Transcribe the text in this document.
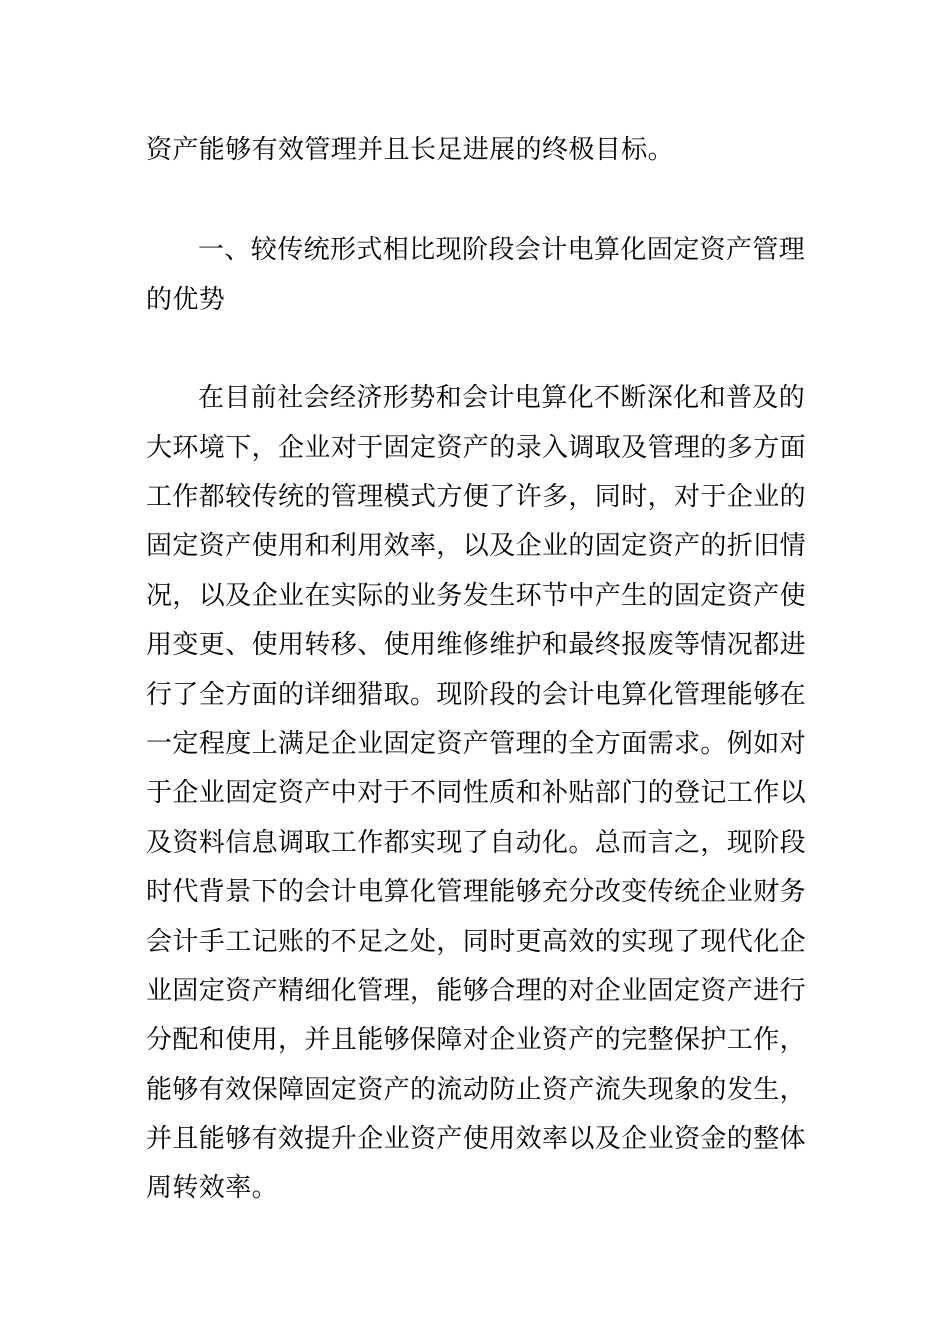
资产能够有效管理并且长足进展的终极目标。
一、较传统形式相比现阶段会计电算化固定资产管理
的优势
在目前社会经济形势和会计电算化不断深化和普及的
大环境下，企业对于固定资产的录入调取及管理的多方面
工作都较传统的管理模式方便了许多，同时，对于企业的
固定资产使用和利用效率，以及企业的固定资产的折旧情
况，以及企业在实际的业务发生环节中产生的固定资产使
用变更、使用转移、使用维修维护和最终报废等情况都进
行了全方面的详细猎取。现阶段的会计电算化管理能够在
一定程度上满足企业固定资产管理的全方面需求。例如对
于企业固定资产中对于不同性质和补贴部门的登记工作以
及资料信息调取工作都实现了自动化。总而言之，现阶段
时代背景下的会计电算化管理能够充分改变传统企业财务
会计手工记账的不足之处，同时更高效的实现了现代化企
业固定资产精细化管理，能够合理的对企业固定资产进行
分配和使用，并且能够保障对企业资产的完整保护工作，
能够有效保障固定资产的流动防止资产流失现象的发生，
并且能够有效提升企业资产使用效率以及企业资金的整体
周转效率。
